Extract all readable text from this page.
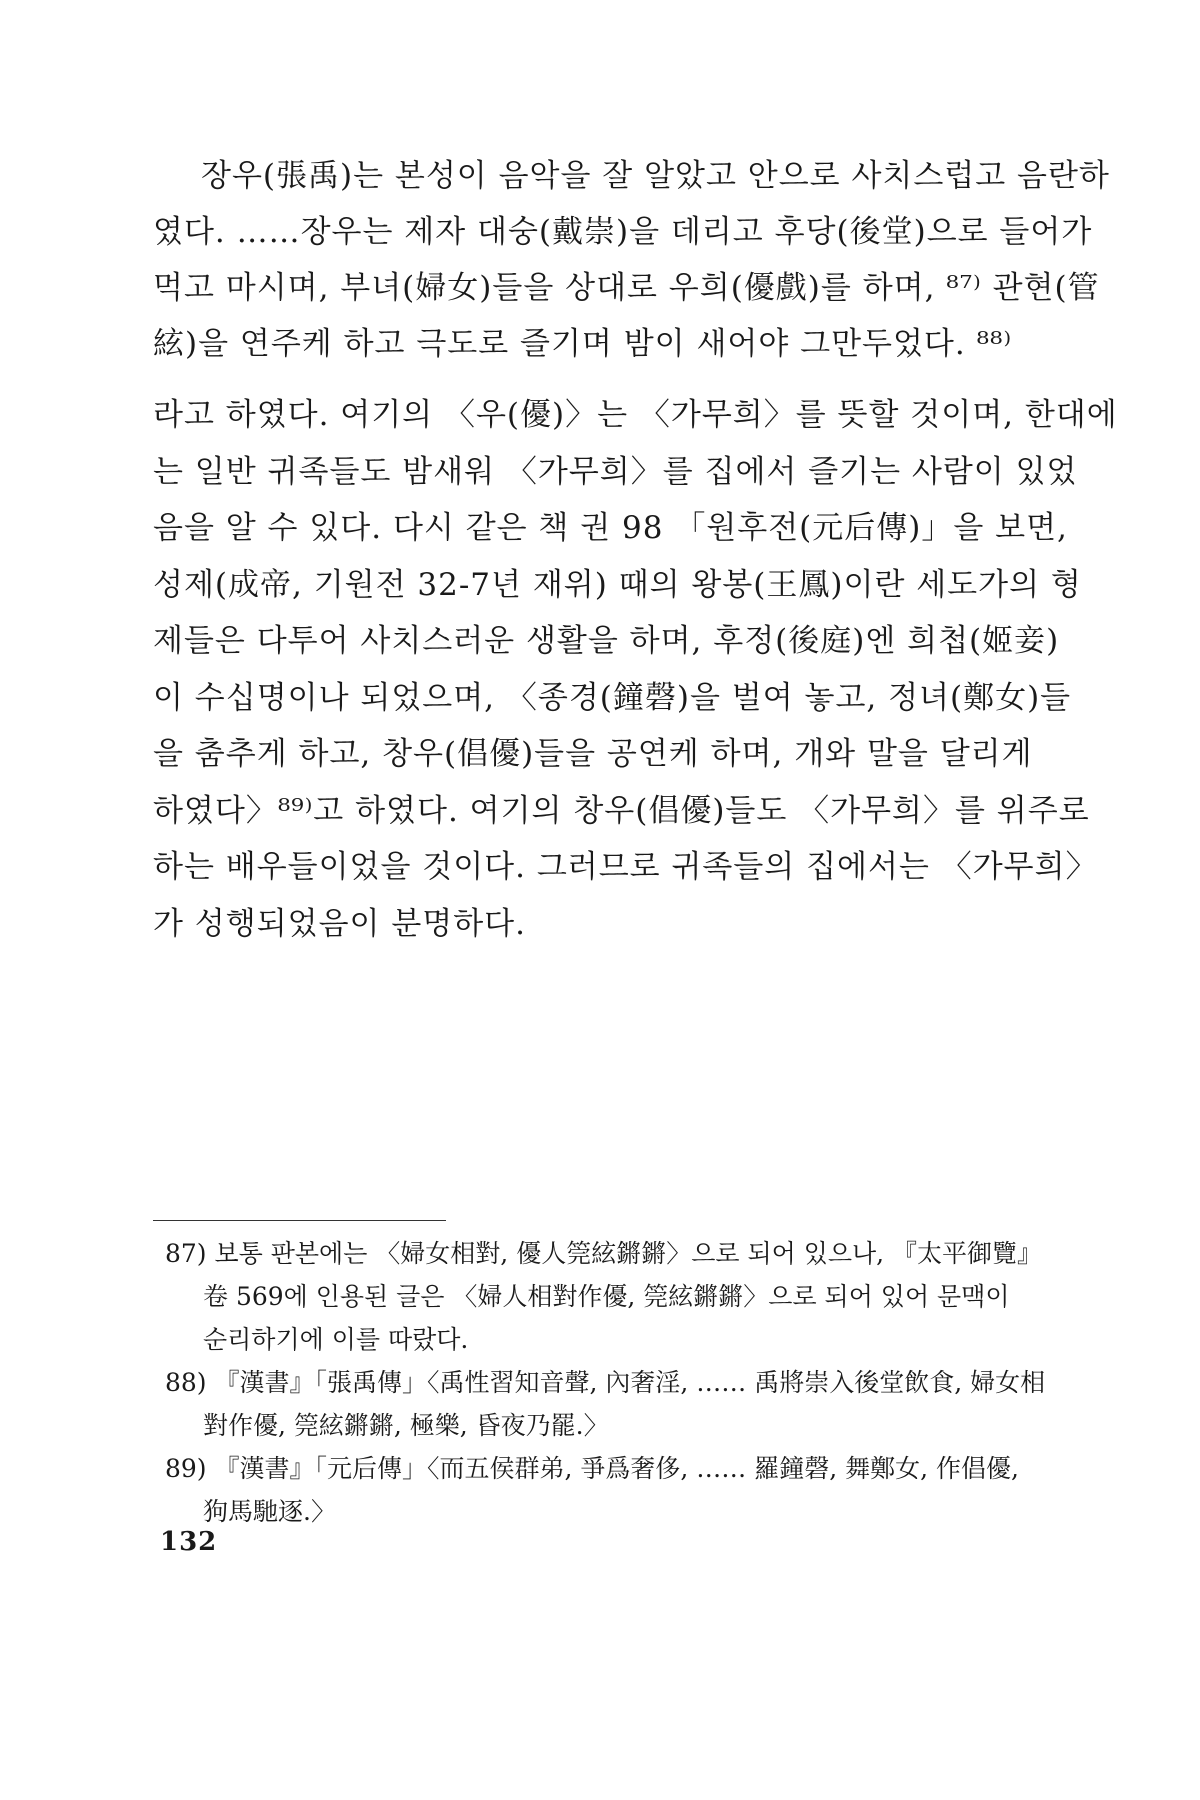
장우(張禹)는 본성이 음악을 잘 알았고 안으로 사치스럽고 음란하
였다. ……장우는 제자 대숭(戴崇)을 데리고 후당(後堂)으로 들어가
먹고 마시며, 부녀(婦女)들을 상대로 우희(優戲)를 하며, ⁸⁷⁾ 관현(管
絃)을 연주케 하고 극도로 즐기며 밤이 새어야 그만두었다. ⁸⁸⁾
라고 하였다. 여기의 〈우(優)〉는 〈가무희〉를 뜻할 것이며, 한대에
는 일반 귀족들도 밤새워 〈가무희〉를 집에서 즐기는 사람이 있었
음을 알 수 있다. 다시 같은 책 권 98 「원후전(元后傳)」을 보면,
성제(成帝, 기원전 32-7년 재위) 때의 왕봉(王鳳)이란 세도가의 형
제들은 다투어 사치스러운 생활을 하며, 후정(後庭)엔 희첩(姬妾)
이 수십명이나 되었으며, 〈종경(鐘磬)을 벌여 놓고, 정녀(鄭女)들
을 춤추게 하고, 창우(倡優)들을 공연케 하며, 개와 말을 달리게
하였다〉⁸⁹⁾고 하였다. 여기의 창우(倡優)들도 〈가무희〉를 위주로
하는 배우들이었을 것이다. 그러므로 귀족들의 집에서는 〈가무희〉
가 성행되었음이 분명하다.
87) 보통 판본에는 〈婦女相對, 優人筦絃鏘鏘〉으로 되어 있으나, 『太平御覽』
卷 569에 인용된 글은 〈婦人相對作優, 筦絃鏘鏘〉으로 되어 있어 문맥이
순리하기에 이를 따랐다.
88) 『漢書』「張禹傳」〈禹性習知音聲, 內奢淫, …… 禹將崇入後堂飲食, 婦女相
對作優, 筦絃鏘鏘, 極樂, 昏夜乃罷.〉
89) 『漢書』「元后傳」〈而五侯群弟, 爭爲奢侈, …… 羅鐘磬, 舞鄭女, 作倡優,
狗馬馳逐.〉
132
